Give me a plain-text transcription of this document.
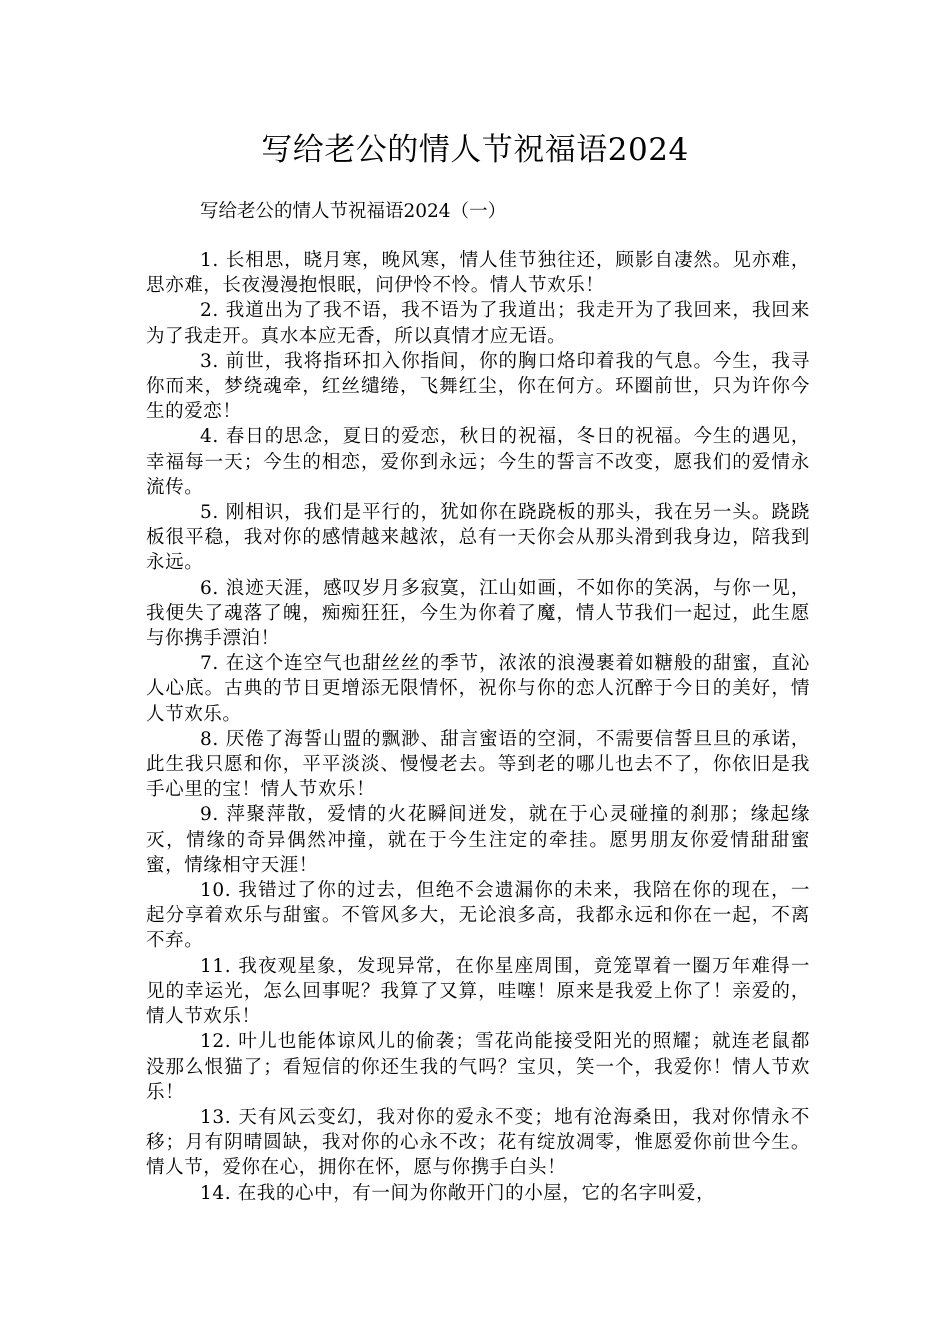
写给老公的情人节祝福语2024

写给老公的情人节祝福语2024（一）

1. 长相思，晓月寒，晚风寒，情人佳节独往还，顾影自凄然。见亦难，思亦难，长夜漫漫抱恨眠，问伊怜不怜。情人节欢乐！

2. 我道出为了我不语，我不语为了我道出；我走开为了我回来，我回来为了我走开。真水本应无香，所以真情才应无语。

3. 前世，我将指环扣入你指间，你的胸口烙印着我的气息。今生，我寻你而来，梦绕魂牵，红丝缱绻，飞舞红尘，你在何方。环圈前世，只为许你今生的爱恋！

4. 春日的思念，夏日的爱恋，秋日的祝福，冬日的祝福。今生的遇见，幸福每一天；今生的相恋，爱你到永远；今生的誓言不改变，愿我们的爱情永流传。

5. 刚相识，我们是平行的，犹如你在跷跷板的那头，我在另一头。跷跷板很平稳，我对你的感情越来越浓，总有一天你会从那头滑到我身边，陪我到永远。

6. 浪迹天涯，感叹岁月多寂寞，江山如画，不如你的笑涡，与你一见，我便失了魂落了魄，痴痴狂狂，今生为你着了魔，情人节我们一起过，此生愿与你携手漂泊！

7. 在这个连空气也甜丝丝的季节，浓浓的浪漫裹着如糖般的甜蜜，直沁人心底。古典的节日更增添无限情怀，祝你与你的恋人沉醉于今日的美好，情人节欢乐。

8. 厌倦了海誓山盟的飘渺、甜言蜜语的空洞，不需要信誓旦旦的承诺，此生我只愿和你，平平淡淡、慢慢老去。等到老的哪儿也去不了，你依旧是我手心里的宝！情人节欢乐！

9. 萍聚萍散，爱情的火花瞬间迸发，就在于心灵碰撞的刹那；缘起缘灭，情缘的奇异偶然冲撞，就在于今生注定的牵挂。愿男朋友你爱情甜甜蜜蜜，情缘相守天涯！

10. 我错过了你的过去，但绝不会遗漏你的未来，我陪在你的现在，一起分享着欢乐与甜蜜。不管风多大，无论浪多高，我都永远和你在一起，不离不弃。

11. 我夜观星象，发现异常，在你星座周围，竟笼罩着一圈万年难得一见的幸运光，怎么回事呢？我算了又算，哇噻！原来是我爱上你了！亲爱的，情人节欢乐！

12. 叶儿也能体谅风儿的偷袭；雪花尚能接受阳光的照耀；就连老鼠都没那么恨猫了；看短信的你还生我的气吗？宝贝，笑一个，我爱你！情人节欢乐！

13. 天有风云变幻，我对你的爱永不变；地有沧海桑田，我对你情永不移；月有阴晴圆缺，我对你的心永不改；花有绽放凋零，惟愿爱你前世今生。情人节，爱你在心，拥你在怀，愿与你携手白头！

14. 在我的心中，有一间为你敞开门的小屋，它的名字叫爱，
